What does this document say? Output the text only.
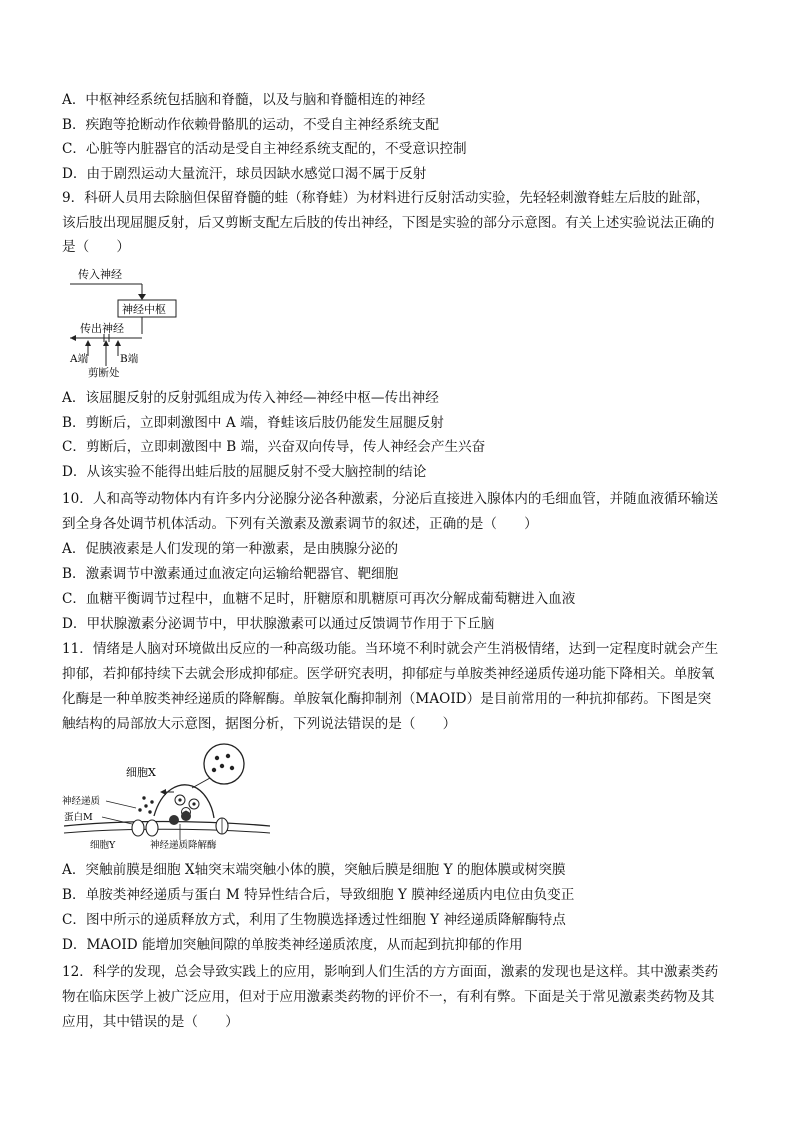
A．中枢神经系统包括脑和脊髓，以及与脑和脊髓相连的神经
B．疾跑等抢断动作依赖骨骼肌的运动，不受自主神经系统支配
C．心脏等内脏器官的活动是受自主神经系统支配的，不受意识控制
D．由于剧烈运动大量流汗，球员因缺水感觉口渴不属于反射
9．科研人员用去除脑但保留脊髓的蛙（称脊蛙）为材料进行反射活动实验，先轻轻刺激脊蛙左后肢的趾部，
该后肢出现屈腿反射，后又剪断支配左后肢的传出神经，下图是实验的部分示意图。有关上述实验说法正确的
是（　　）
传入神经
神经中枢
传出神经
A端	B端
剪断处
A．该屈腿反射的反射弧组成为传入神经—神经中枢—传出神经
B．剪断后，立即刺激图中 A 端，脊蛙该后肢仍能发生屈腿反射
C．剪断后，立即刺激图中 B 端，兴奋双向传导，传人神经会产生兴奋
D．从该实验不能得出蛙后肢的屈腿反射不受大脑控制的结论
10．人和高等动物体内有许多内分泌腺分泌各种激素，分泌后直接进入腺体内的毛细血管，并随血液循环输送
到全身各处调节机体活动。下列有关激素及激素调节的叙述，正确的是（　　）
A．促胰液素是人们发现的第一种激素，是由胰腺分泌的
B．激素调节中激素通过血液定向运输给靶器官、靶细胞
C．血糖平衡调节过程中，血糖不足时，肝糖原和肌糖原可再次分解成葡萄糖进入血液
D．甲状腺激素分泌调节中，甲状腺激素可以通过反馈调节作用于下丘脑
11．情绪是人脑对环境做出反应的一种高级功能。当环境不利时就会产生消极情绪，达到一定程度时就会产生
抑郁，若抑郁持续下去就会形成抑郁症。医学研究表明，抑郁症与单胺类神经递质传递功能下降相关。单胺氧
化酶是一种单胺类神经递质的降解酶。单胺氧化酶抑制剂（MAOID）是目前常用的一种抗抑郁药。下图是突
触结构的局部放大示意图，据图分析，下列说法错误的是（　　）
细胞X
神经递质
蛋白M
细胞Y	神经递质降解酶
A．突触前膜是细胞 X轴突末端突触小体的膜，突触后膜是细胞 Y 的胞体膜或树突膜
B．单胺类神经递质与蛋白 M 特异性结合后，导致细胞 Y 膜神经递质内电位由负变正
C．图中所示的递质释放方式，利用了生物膜选择透过性细胞 Y 神经递质降解酶特点
D．MAOID 能增加突触间隙的单胺类神经递质浓度，从而起到抗抑郁的作用
12．科学的发现，总会导致实践上的应用，影响到人们生活的方方面面，激素的发现也是这样。其中激素类药
物在临床医学上被广泛应用，但对于应用激素类药物的评价不一，有利有弊。下面是关于常见激素类药物及其
应用，其中错误的是（　　）
